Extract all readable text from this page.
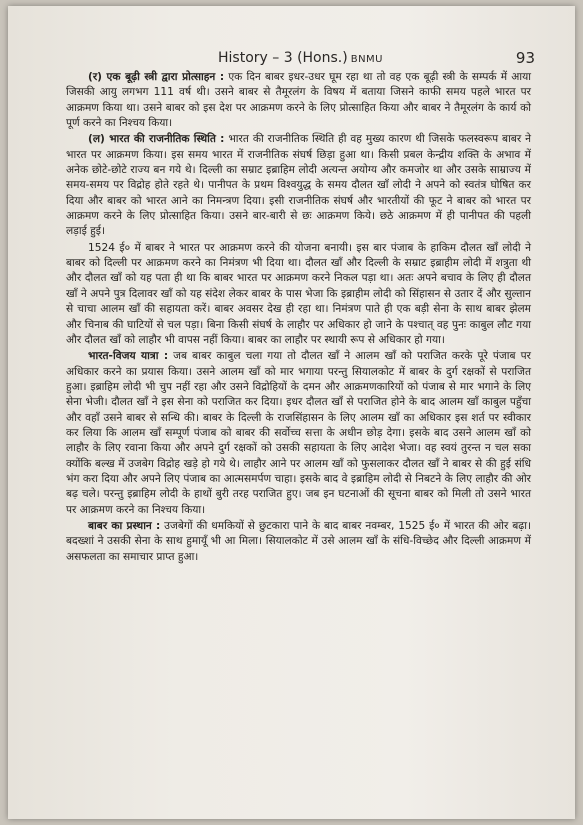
History – 3 (Hons.) BNMU	93

(र) एक बूढ़ी स्त्री द्वारा प्रोत्साहन : एक दिन बाबर इधर-उधर घूम रहा था तो वह एक बूढ़ी स्त्री के सम्पर्क में आया जिसकी आयु लगभग 111 वर्ष थी। उसने बाबर से तैमूरलंग के विषय में बताया जिसने काफी समय पहले भारत पर आक्रमण किया था। उसने बाबर को इस देश पर आक्रमण करने के लिए प्रोत्साहित किया और बाबर ने तैमूरलंग के कार्य को पूर्ण करने का निश्चय किया।

(ल) भारत की राजनीतिक स्थिति : भारत की राजनीतिक स्थिति ही वह मुख्य कारण थी जिसके फलस्वरूप बाबर ने भारत पर आक्रमण किया। इस समय भारत में राजनीतिक संघर्ष छिड़ा हुआ था। किसी प्रबल केन्द्रीय शक्ति के अभाव में अनेक छोटे-छोटे राज्य बन गये थे। दिल्ली का सम्राट इब्राहिम लोदी अत्यन्त अयोग्य और कमजोर था और उसके साम्राज्य में समय-समय पर विद्रोह होते रहते थे। पानीपत के प्रथम विश्वयुद्ध के समय दौलत खाँ लोदी ने अपने को स्वतंत्र घोषित कर दिया और बाबर को भारत आने का निमन्त्रण दिया। इसी राजनीतिक संघर्ष और भारतीयों की फूट ने बाबर को भारत पर आक्रमण करने के लिए प्रोत्साहित किया। उसने बार-बारी से छः आक्रमण किये। छठे आक्रमण में ही पानीपत की पहली लड़ाई हुई।

1524 ई० में बाबर ने भारत पर आक्रमण करने की योजना बनायी। इस बार पंजाब के हाकिम दौलत खाँ लोदी ने बाबर को दिल्ली पर आक्रमण करने का निमंत्रण भी दिया था। दौलत खाँ और दिल्ली के सम्राट इब्राहीम लोदी में शत्रुता थी और दौलत खाँ को यह पता ही था कि बाबर भारत पर आक्रमण करने निकल पड़ा था। अतः अपने बचाव के लिए ही दौलत खाँ ने अपने पुत्र दिलावर खाँ को यह संदेश लेकर बाबर के पास भेजा कि इब्राहीम लोदी को सिंहासन से उतार दें और सुल्तान से चाचा आलम खाँ की सहायता करें। बाबर अवसर देख ही रहा था। निमंत्रण पाते ही एक बड़ी सेना के साथ बाबर झेलम और चिनाब की घाटियों से चल पड़ा। बिना किसी संघर्ष के लाहौर पर अधिकार हो जाने के पश्चात् वह पुनः काबुल लौट गया और दौलत खाँ को लाहौर भी वापस नहीं किया। बाबर का लाहौर पर स्थायी रूप से अधिकार हो गया।

भारत-विजय यात्रा : जब बाबर काबुल चला गया तो दौलत खाँ ने आलम खाँ को पराजित करके पूरे पंजाब पर अधिकार करने का प्रयास किया। उसने आलम खाँ को मार भगाया परन्तु सियालकोट में बाबर के दुर्ग रक्षकों से पराजित हुआ। इब्राहिम लोदी भी चुप नहीं रहा और उसने विद्रोहियों के दमन और आक्रमणकारियों को पंजाब से मार भगाने के लिए सेना भेजी। दौलत खाँ ने इस सेना को पराजित कर दिया। इधर दौलत खाँ से पराजित होने के बाद आलम खाँ काबुल पहुँचा और वहाँ उसने बाबर से सन्धि की। बाबर के दिल्ली के राजसिंहासन के लिए आलम खाँ का अधिकार इस शर्त पर स्वीकार कर लिया कि आलम खाँ सम्पूर्ण पंजाब को बाबर की सर्वोच्च सत्ता के अधीन छोड़ देगा। इसके बाद उसने आलम खाँ को लाहौर के लिए रवाना किया और अपने दुर्ग रक्षकों को उसकी सहायता के लिए आदेश भेजा। वह स्वयं तुरन्त न चल सका क्योंकि बल्ख में उजबेग विद्रोह खड़े हो गये थे। लाहौर आने पर आलम खाँ को फुसलाकर दौलत खाँ ने बाबर से की हुई संधि भंग करा दिया और अपने लिए पंजाब का आत्मसमर्पण चाहा। इसके बाद वे इब्राहिम लोदी से निबटने के लिए लाहौर की ओर बढ़ चले। परन्तु इब्राहिम लोदी के हाथों बुरी तरह पराजित हुए। जब इन घटनाओं की सूचना बाबर को मिली तो उसने भारत पर आक्रमण करने का निश्चय किया।

बाबर का प्रस्थान : उजबेगों की धमकियों से छुटकारा पाने के बाद बाबर नवम्बर, 1525 ई० में भारत की ओर बढ़ा। बदख्शां ने उसकी सेना के साथ हुमायूँ भी आ मिला। सियालकोट में उसे आलम खाँ के संधि-विच्छेद और दिल्ली आक्रमण में असफलता का समाचार प्राप्त हुआ।
